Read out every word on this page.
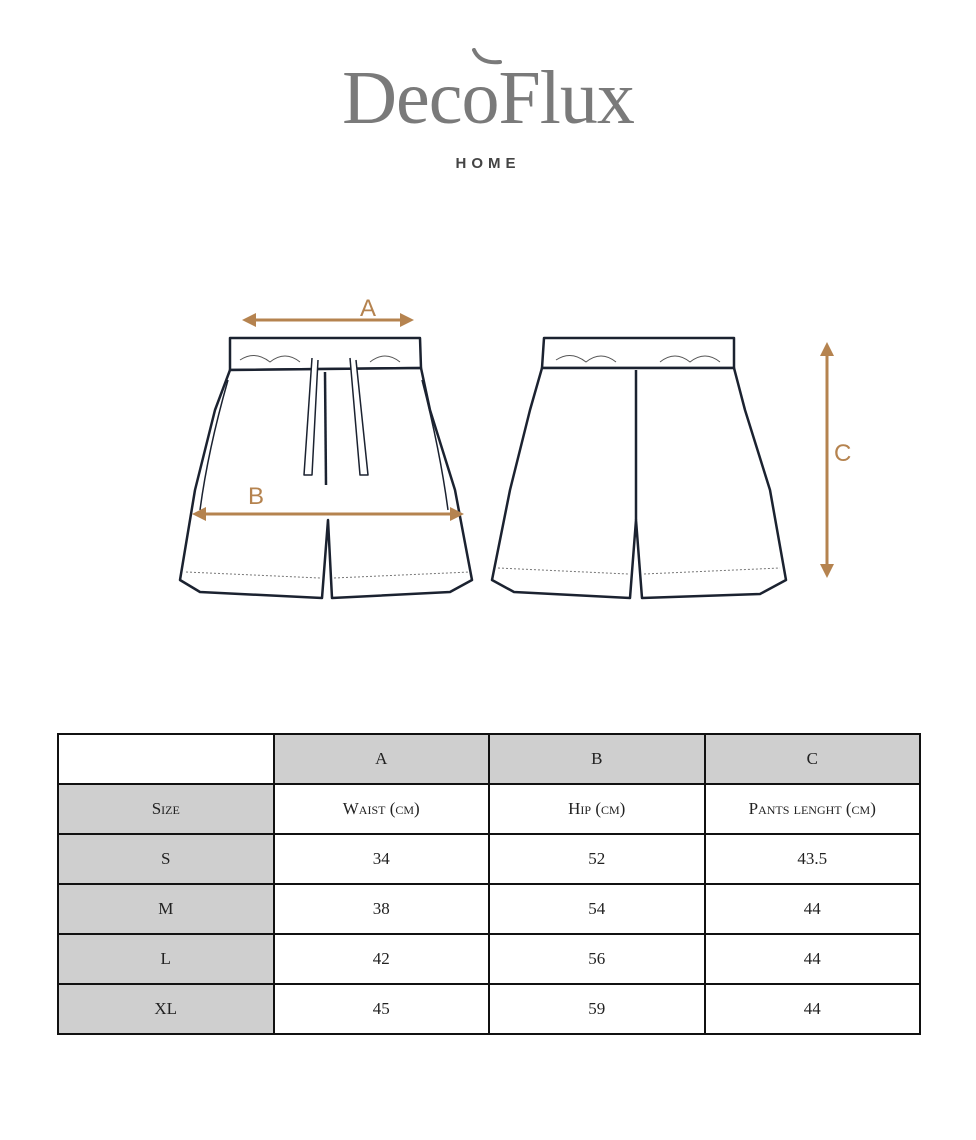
DecoFlux
HOME
A
B
C
	A	B	C
Size	Waist (cm)	Hip (cm)	Pants lenght (cm)
S	34	52	43.5
M	38	54	44
L	42	56	44
XL	45	59	44
